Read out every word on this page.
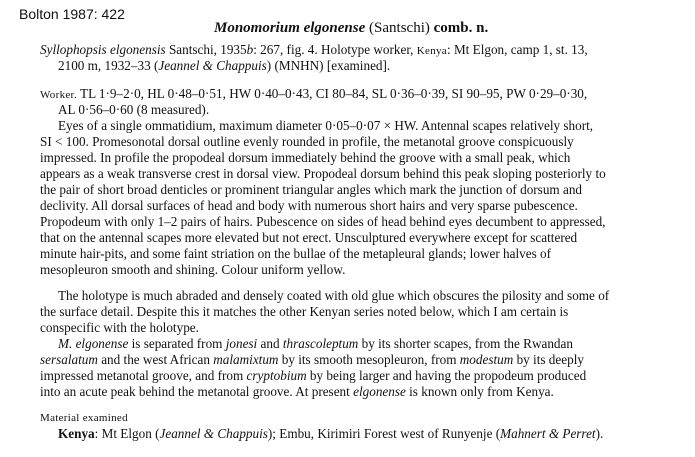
Bolton 1987: 422
Monomorium elgonense (Santschi) comb. n.
Syllophopsis elgonensis Santschi, 1935b: 267, fig. 4. Holotype worker, Kenya: Mt Elgon, camp 1, st. 13,
2100 m, 1932–33 (Jeannel & Chappuis) (MNHN) [examined].
Worker. TL 1·9–2·0, HL 0·48–0·51, HW 0·40–0·43, CI 80–84, SL 0·36–0·39, SI 90–95, PW 0·29–0·30,
AL 0·56–0·60 (8 measured).
Eyes of a single ommatidium, maximum diameter 0·05–0·07 × HW. Antennal scapes relatively short,
SI < 100. Promesonotal dorsal outline evenly rounded in profile, the metanotal groove conspicuously
impressed. In profile the propodeal dorsum immediately behind the groove with a small peak, which
appears as a weak transverse crest in dorsal view. Propodeal dorsum behind this peak sloping posteriorly to
the pair of short broad denticles or prominent triangular angles which mark the junction of dorsum and
declivity. All dorsal surfaces of head and body with numerous short hairs and very sparse pubescence.
Propodeum with only 1–2 pairs of hairs. Pubescence on sides of head behind eyes decumbent to appressed,
that on the antennal scapes more elevated but not erect. Unsculptured everywhere except for scattered
minute hair-pits, and some faint striation on the bullae of the metapleural glands; lower halves of
mesopleuron smooth and shining. Colour uniform yellow.
The holotype is much abraded and densely coated with old glue which obscures the pilosity and some of
the surface detail. Despite this it matches the other Kenyan series noted below, which I am certain is
conspecific with the holotype.
M. elgonense is separated from jonesi and thrascoleptum by its shorter scapes, from the Rwandan
sersalatum and the west African malamixtum by its smooth mesopleuron, from modestum by its deeply
impressed metanotal groove, and from cryptobium by being larger and having the propodeum produced
into an acute peak behind the metanotal groove. At present elgonense is known only from Kenya.
Material examined
Kenya: Mt Elgon (Jeannel & Chappuis); Embu, Kirimiri Forest west of Runyenje (Mahnert & Perret).
